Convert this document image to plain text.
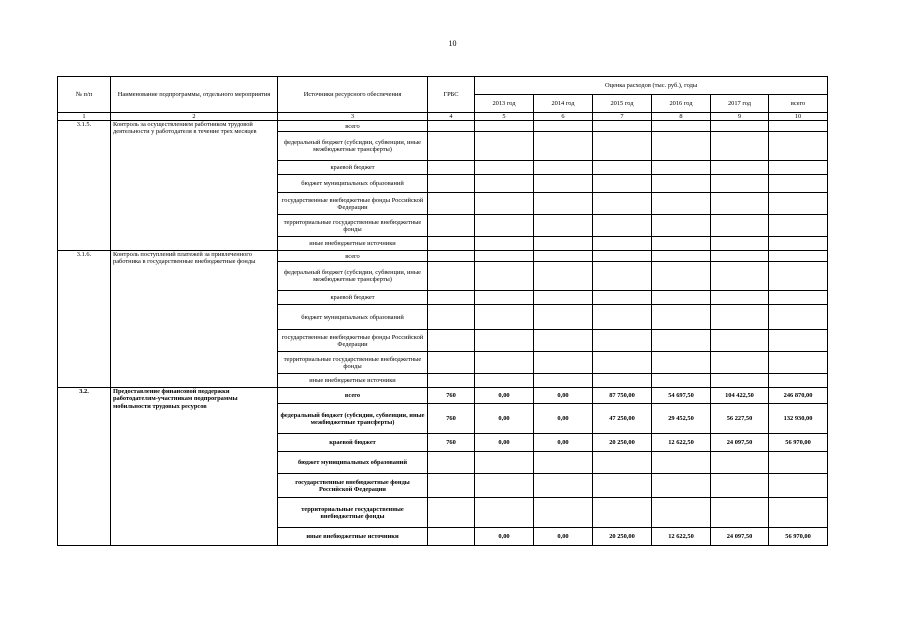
10
№ п/п	Наименование подпрограммы, отдельного мероприятия	Источники ресурсного обеспечения	ГРБС	Оценка расходов (тыс. руб.), годы					
				2013 год	2014 год	2015 год	2016 год	2017 год	всего
1	2	3	4	5	6	7	8	9	10
3.1.5.	Контроль за осуществлением работником трудовой деятельности у работодателя в течение трех месяцев	всего							
		федеральный бюджет (субсидии, субвенции, иные межбюджетные трансферты)							
		краевой бюджет							
		бюджет муниципальных образований							
		государственные внебюджетные фонды Российской Федерации							
		территориальные государственные внебюджетные фонды							
		иные внебюджетные источники							
3.1.6.	Контроль поступлений платежей за привлеченного работника в государственные внебюджетные фонды	всего							
		федеральный бюджет (субсидии, субвенции, иные межбюджетные трансферты)							
		краевой бюджет							
		бюджет муниципальных образований							
		государственные внебюджетные фонды Российской Федерации							
		территориальные государственные внебюджетные фонды							
		иные внебюджетные источники							
3.2.	Предоставление финансовой поддержки работодателям-участникам подпрограммы мобильности трудовых ресурсов	всего	760	0,00	0,00	87 750,00	54 697,50	104 422,50	246 870,00
		федеральный бюджет (субсидии, субвенции, иные межбюджетные трансферты)	760	0,00	0,00	47 250,00	29 452,50	56 227,50	132 930,00
		краевой бюджет	760	0,00	0,00	20 250,00	12 622,50	24 097,50	56 970,00
		бюджет муниципальных образований							
		государственные внебюджетные фонды Российской Федерации							
		территориальные государственные внебюджетные фонды							
		иные внебюджетные источники		0,00	0,00	20 250,00	12 622,50	24 097,50	56 970,00
